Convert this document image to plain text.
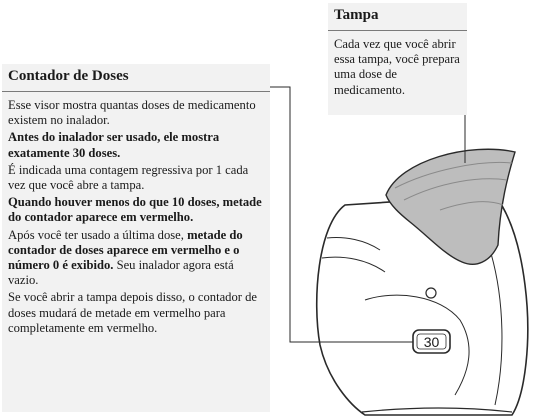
Contador de Doses

Esse visor mostra quantas doses de medicamento existem no inalador.

Antes do inalador ser usado, ele mostra exatamente 30 doses.

É indicada uma contagem regressiva por 1 cada vez que você abre a tampa.

Quando houver menos do que 10 doses, metade do contador aparece em vermelho.

Após você ter usado a última dose, metade do contador de doses aparece em vermelho e o número 0 é exibido. Seu inalador agora está vazio.

Se você abrir a tampa depois disso, o contador de doses mudará de metade em vermelho para completamente em vermelho.

Tampa
Cada vez que você abrir essa tampa, você prepara uma dose de medicamento.
30
